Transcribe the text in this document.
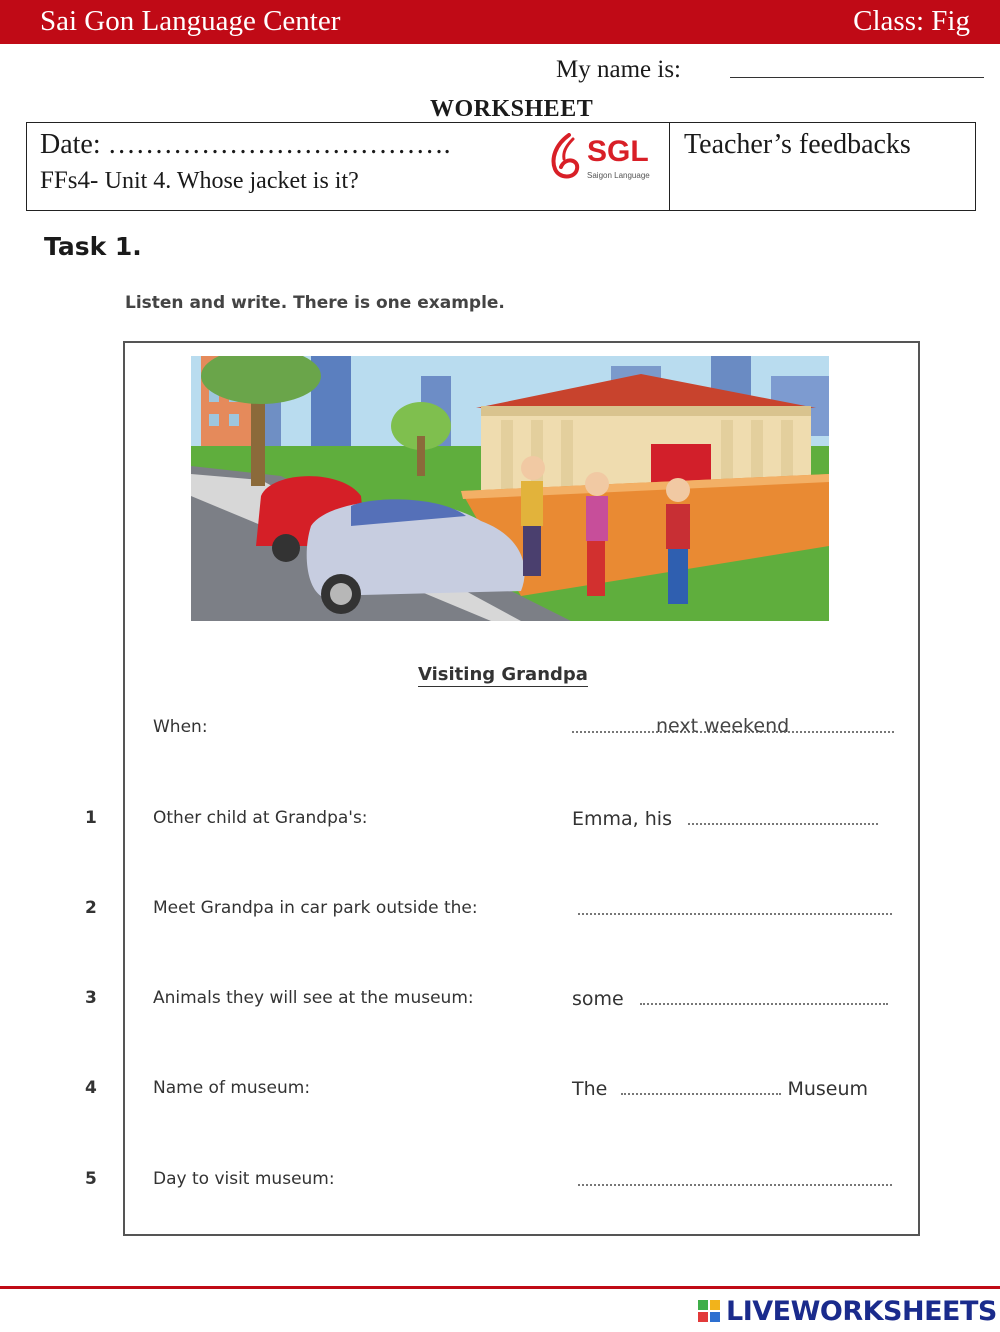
Sai Gon Language Center	Class: Fig
My name is:
WORKSHEET
Date: ……………………………….
FFs4- Unit 4. Whose jacket is it?
SGL
Saigon Language
Teacher’s feedbacks
Task 1.
Listen and write. There is one example.
Visiting Grandpa
When:	next weekend
1	Other child at Grandpa's:	Emma, his
2	Meet Grandpa in car park outside the:
3	Animals they will see at the museum:	some
4	Name of museum:	The	Museum
5	Day to visit museum:
LIVEWORKSHEETS
